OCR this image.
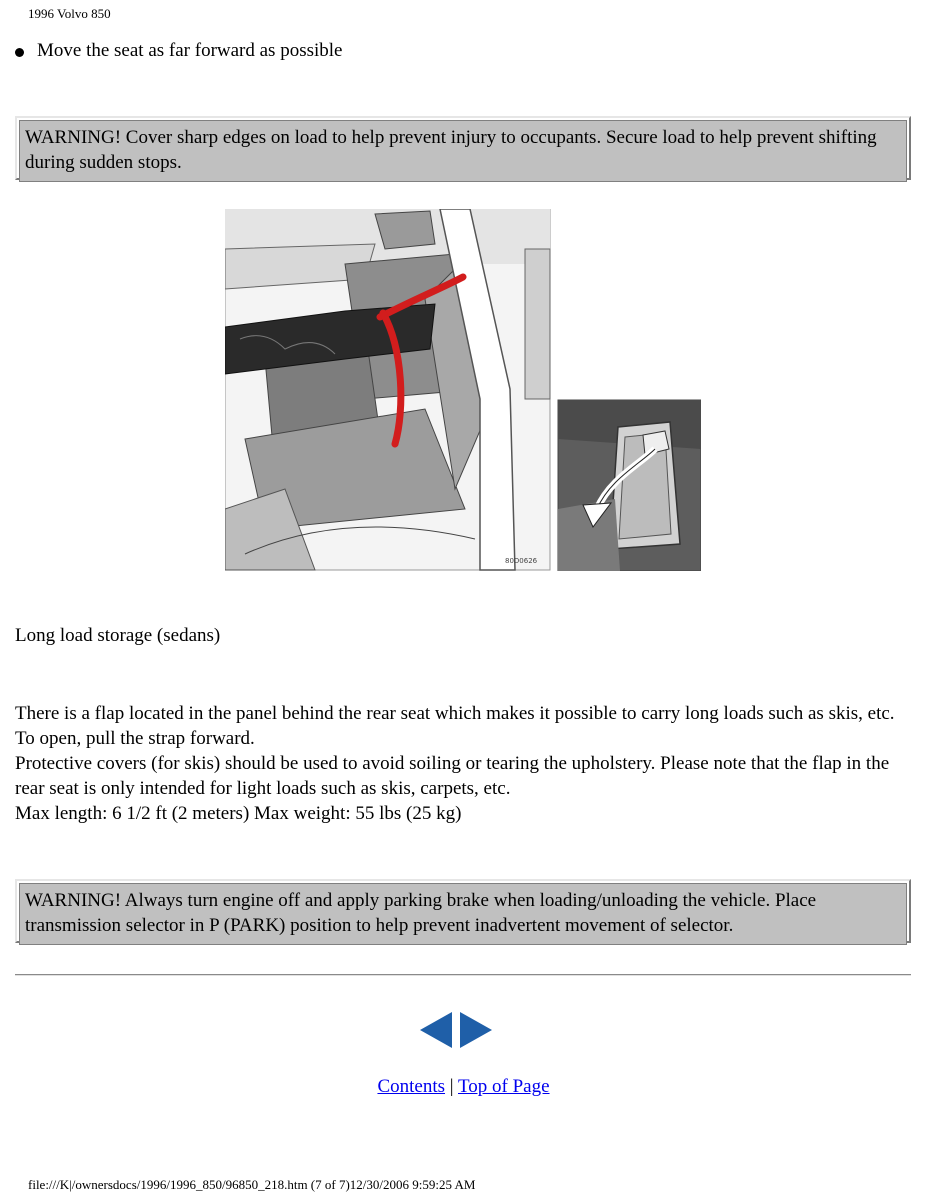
1996 Volvo 850
Move the seat as far forward as possible
WARNING! Cover sharp edges on load to help prevent injury to occupants. Secure load to help prevent shifting during sudden stops.
80D0626
Long load storage (sedans)

There is a flap located in the panel behind the rear seat which makes it possible to carry long loads such as skis, etc. To open, pull the strap forward.

Protective covers (for skis) should be used to avoid soiling or tearing the upholstery. Please note that the flap in the rear seat is only intended for light loads such as skis, carpets, etc.

Max length: 6 1/2 ft (2 meters) Max weight: 55 lbs (25 kg)

WARNING! Always turn engine off and apply parking brake when loading/unloading the vehicle. Place transmission selector in P (PARK) position to help prevent inadvertent movement of selector.
Contents | Top of Page
file:///K|/ownersdocs/1996/1996_850/96850_218.htm (7 of 7)12/30/2006 9:59:25 AM
